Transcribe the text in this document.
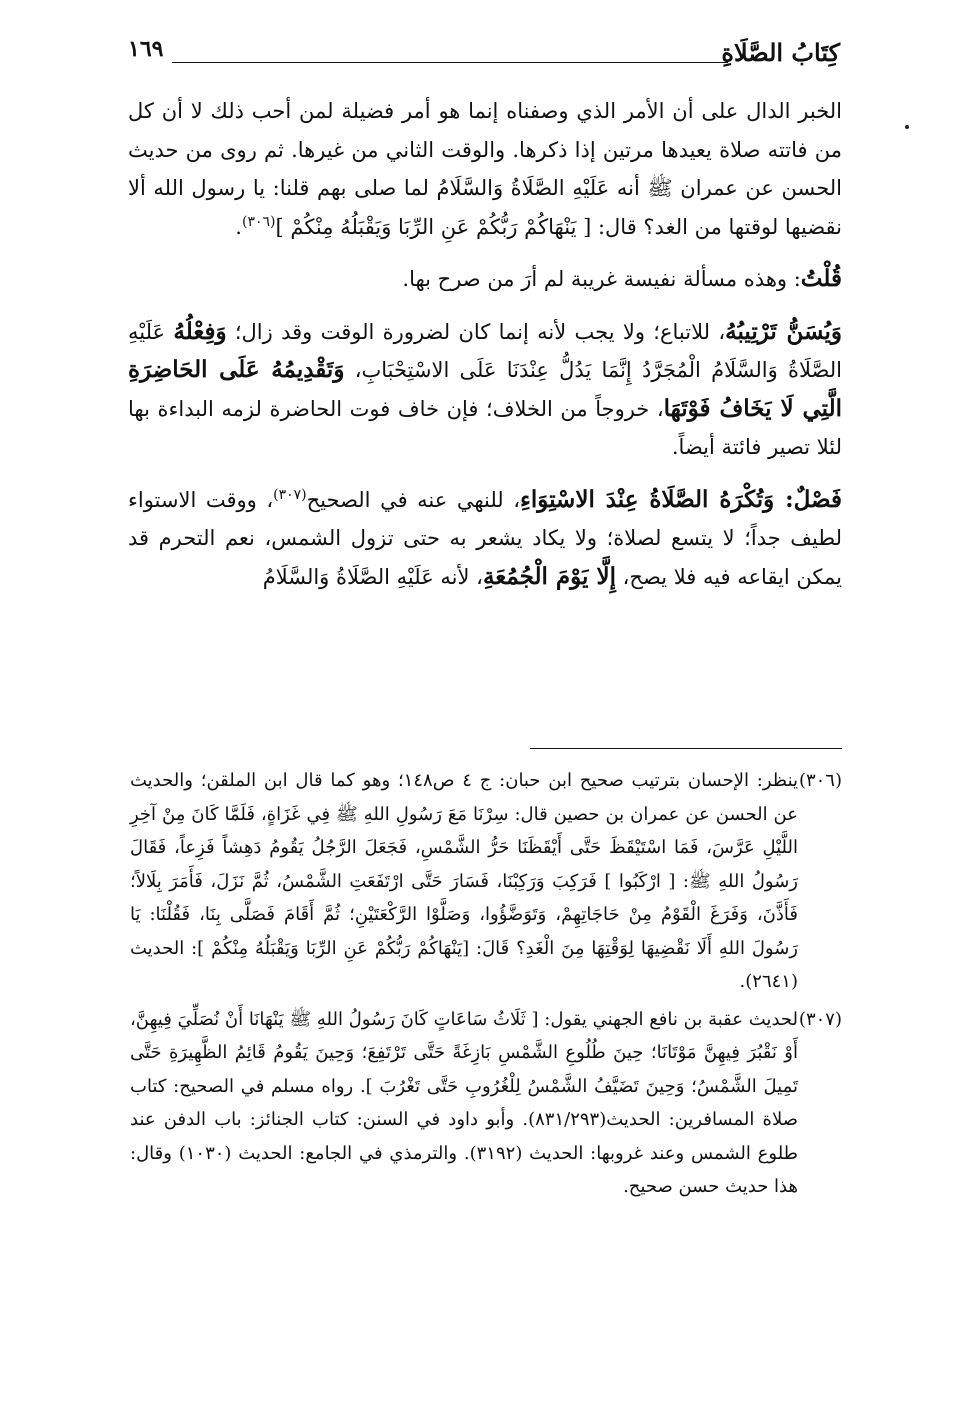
كِتَابُ الصَّلَاةِ
١٦٩

الخبر الدال على أن الأمر الذي وصفناه إنما هو أمر فضيلة لمن أحب ذلك لا أن كل من فاتته صلاة يعيدها مرتين إذا ذكرها. والوقت الثاني من غيرها. ثم روى من حديث الحسن عن عمران ﷺ أنه عَلَيْهِ الصَّلَاةُ وَالسَّلَامُ لما صلى بهم قلنا: يا رسول الله ألا نقضيها لوقتها من الغد؟ قال: [ يَنْهَاكُمْ رَبُّكُمْ عَنِ الرِّبَا وَيَقْبَلُهُ مِنْكُمْ ]$^{(٣٠٦)}$.

قُلْتُ: وهذه مسألة نفيسة غريبة لم أرَ من صرح بها.

وَيُسَنُّ تَرْتِيبُهُ، للاتباع؛ ولا يجب لأنه إنما كان لضرورة الوقت وقد زال؛ وَفِعْلُهُ عَلَيْهِ الصَّلَاةُ وَالسَّلَامُ الْمُجَرَّدُ إِنَّمَا يَدُلُّ عِنْدَنَا عَلَى الاسْتِحْبَابِ، وَتَقْدِيمُهُ عَلَى الحَاضِرَةِ الَّتِي لَا يَخَافُ فَوْتَهَا، خروجاً من الخلاف؛ فإن خاف فوت الحاضرة لزمه البداءة بها لئلا تصير فائتة أيضاً.

فَصْلٌ: وَتُكْرَهُ الصَّلَاةُ عِنْدَ الاسْتِوَاءِ، للنهي عنه في الصحيح$^{(٣٠٧)}$، ووقت الاستواء لطيف جداً؛ لا يتسع لصلاة؛ ولا يكاد يشعر به حتى تزول الشمس، نعم التحرم قد يمكن ايقاعه فيه فلا يصح، إِلَّا يَوْمَ الْجُمُعَةِ، لأنه عَلَيْهِ الصَّلَاةُ وَالسَّلَامُ

(٣٠٦)ينظر: الإحسان بترتيب صحيح ابن حبان: ج ٤ ص١٤٨؛ وهو كما قال ابن الملقن؛ والحديث عن الحسن عن عمران بن حصين قال: سِرْنَا مَعَ رَسُولِ اللهِ ﷺ فِي غَزَاةٍ، فَلَمَّا كَانَ مِنْ آخِرِ اللَّيْلِ عَرَّسَ، فَمَا اسْتَيْقَظَ حَتَّى أَيْقَظَنَا حَرُّ الشَّمْسِ، فَجَعَلَ الرَّجُلُ يَقُومُ دَهِشاً فَزِعاً، فَقَالَ رَسُولُ اللهِ ﷺ: [ ارْكَبُوا ] فَرَكِبَ وَرَكِبْنَا، فَسَارَ حَتَّى ارْتَفَعَتِ الشَّمْسُ، ثُمَّ نَزَلَ، فَأَمَرَ بِلَالاً؛ فَأَذَّنَ، وَفَرَغَ الْقَوْمُ مِنْ حَاجَاتِهِمْ، وَتَوَضَّؤُوا، وَصَلَّوْا الرَّكْعَتَيْنِ؛ ثُمَّ أَقَامَ فَصَلَّى بِنَا، فَقُلْنَا: يَا رَسُولَ اللهِ أَلَا نَقْضِيهَا لِوَقْتِهَا مِنَ الْغَدِ؟ قَالَ: [يَنْهَاكُمْ رَبُّكُمْ عَنِ الرِّبَا وَيَقْبَلُهُ مِنْكُمْ ]: الحديث (٢٦٤١).

(٣٠٧)لحديث عقبة بن نافع الجهني يقول: [ ثَلَاثُ سَاعَاتٍ كَانَ رَسُولُ اللهِ ﷺ يَنْهَانَا أَنْ نُصَلِّيَ فِيهِنَّ، أَوْ نَقْبُرَ فِيهِنَّ مَوْتَانَا؛ حِينَ طُلُوعِ الشَّمْسِ بَازِغَةً حَتَّى تَرْتَفِعَ؛ وَحِينَ يَقُومُ قَائِمُ الظَّهِيرَةِ حَتَّى تَمِيلَ الشَّمْسُ؛ وَحِينَ تَضَيَّفُ الشَّمْسُ لِلْغُرُوبِ حَتَّى تَغْرُبَ ]. رواه مسلم في الصحيح: كتاب صلاة المسافرين: الحديث(٨٣١/٢٩٣). وأبو داود في السنن: كتاب الجنائز: باب الدفن عند طلوع الشمس وعند غروبها: الحديث (٣١٩٢). والترمذي في الجامع: الحديث (١٠٣٠) وقال: هذا حديث حسن صحيح.
